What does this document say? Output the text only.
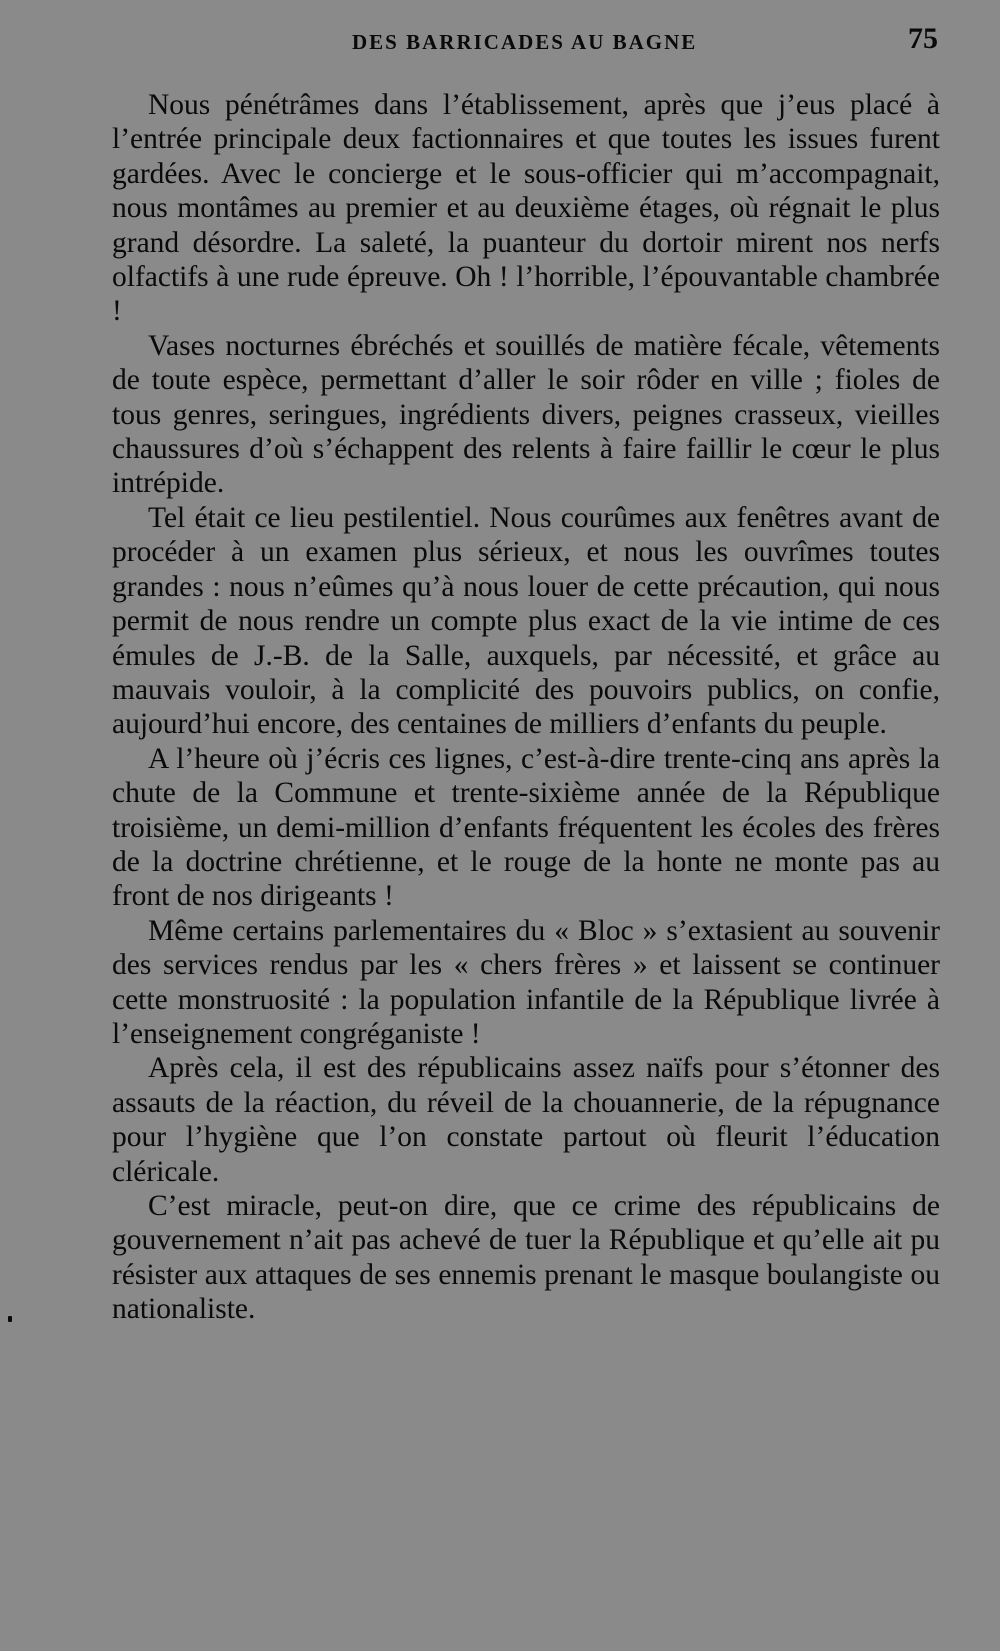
DES BARRICADES AU BAGNE	75

Nous pénétrâmes dans l’établissement, après que j’eus placé à l’entrée principale deux factionnaires et que toutes les issues furent gardées. Avec le concierge et le sous-officier qui m’accompagnait, nous montâmes au premier et au deuxième étages, où régnait le plus grand désordre. La saleté, la puanteur du dortoir mirent nos nerfs olfactifs à une rude épreuve. Oh ! l’horrible, l’épouvantable chambrée !

Vases nocturnes ébréchés et souillés de matière fécale, vêtements de toute espèce, permettant d’aller le soir rôder en ville ; fioles de tous genres, seringues, ingrédients divers, peignes crasseux, vieilles chaussures d’où s’échappent des relents à faire faillir le cœur le plus intrépide.

Tel était ce lieu pestilentiel. Nous courûmes aux fenêtres avant de procéder à un examen plus sérieux, et nous les ouvrîmes toutes grandes : nous n’eûmes qu’à nous louer de cette précaution, qui nous permit de nous rendre un compte plus exact de la vie intime de ces émules de J.-B. de la Salle, auxquels, par nécessité, et grâce au mauvais vouloir, à la complicité des pouvoirs publics, on confie, aujourd’hui encore, des centaines de milliers d’enfants du peuple.

A l’heure où j’écris ces lignes, c’est-à-dire trente-cinq ans après la chute de la Commune et trente-sixième année de la République troisième, un demi-million d’enfants fréquentent les écoles des frères de la doctrine chrétienne, et le rouge de la honte ne monte pas au front de nos dirigeants !

Même certains parlementaires du « Bloc » s’extasient au souvenir des services rendus par les « chers frères » et laissent se continuer cette monstruosité : la population infantile de la République livrée à l’enseignement congréganiste !

Après cela, il est des républicains assez naïfs pour s’étonner des assauts de la réaction, du réveil de la chouannerie, de la répugnance pour l’hygiène que l’on constate partout où fleurit l’éducation cléricale.

C’est miracle, peut-on dire, que ce crime des républicains de gouvernement n’ait pas achevé de tuer la République et qu’elle ait pu résister aux attaques de ses ennemis prenant le masque boulangiste ou nationaliste.
